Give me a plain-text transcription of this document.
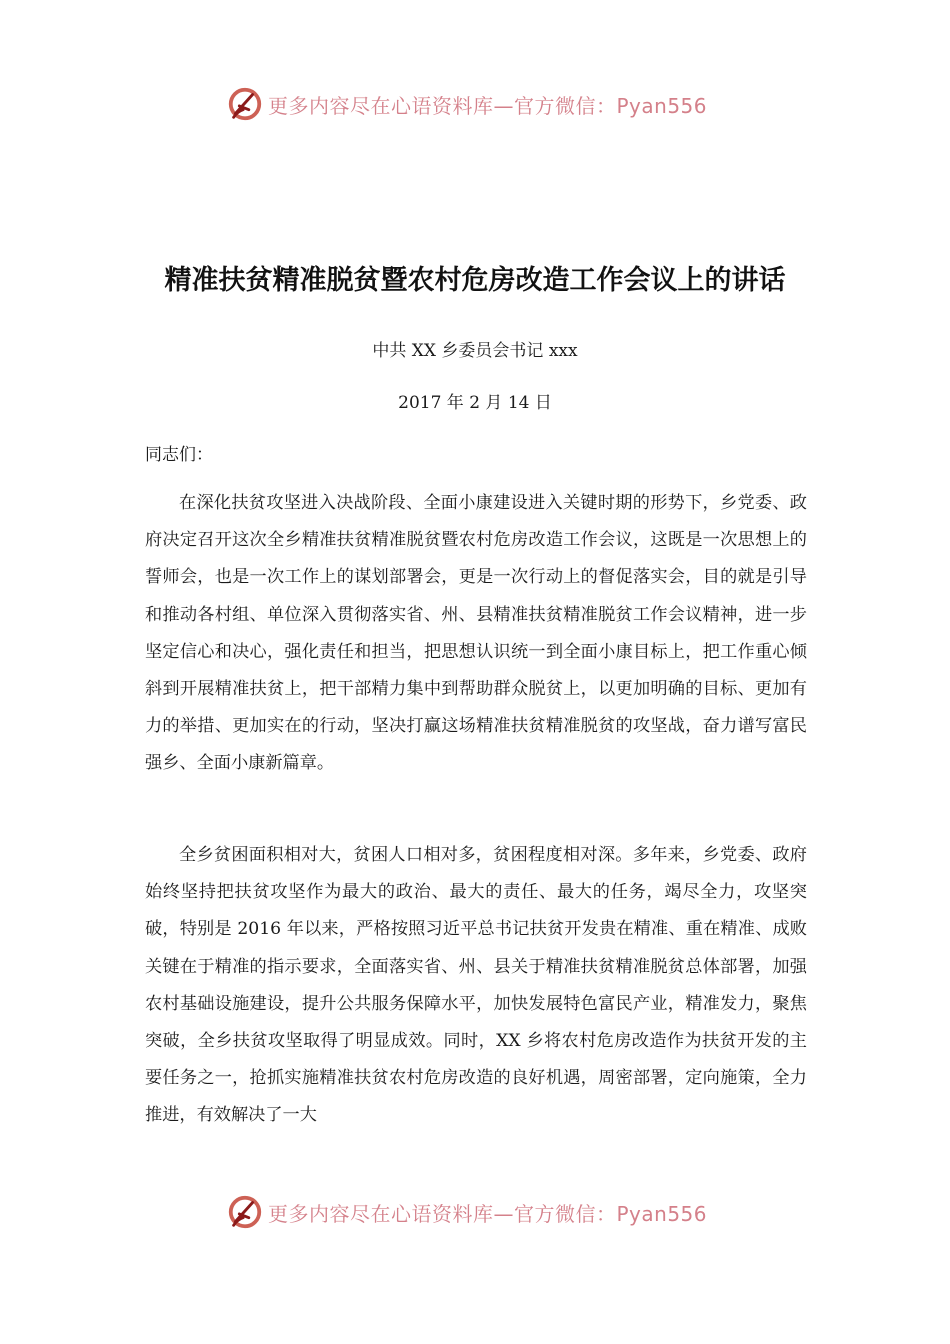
更多内容尽在心语资料库—官方微信：Pyan556
精准扶贫精准脱贫暨农村危房改造工作会议上的讲话
中共 XX 乡委员会书记 xxx
2017 年 2 月 14 日
同志们：

在深化扶贫攻坚进入决战阶段、全面小康建设进入关键时期的形势下，乡党委、政府决定召开这次全乡精准扶贫精准脱贫暨农村危房改造工作会议，这既是一次思想上的誓师会，也是一次工作上的谋划部署会，更是一次行动上的督促落实会，目的就是引导和推动各村组、单位深入贯彻落实省、州、县精准扶贫精准脱贫工作会议精神，进一步坚定信心和决心，强化责任和担当，把思想认识统一到全面小康目标上，把工作重心倾斜到开展精准扶贫上，把干部精力集中到帮助群众脱贫上，以更加明确的目标、更加有力的举措、更加实在的行动，坚决打赢这场精准扶贫精准脱贫的攻坚战，奋力谱写富民强乡、全面小康新篇章。

全乡贫困面积相对大，贫困人口相对多，贫困程度相对深。多年来，乡党委、政府始终坚持把扶贫攻坚作为最大的政治、最大的责任、最大的任务，竭尽全力，攻坚突破，特别是 2016 年以来，严格按照习近平总书记扶贫开发贵在精准、重在精准、成败关键在于精准的指示要求，全面落实省、州、县关于精准扶贫精准脱贫总体部署，加强农村基础设施建设，提升公共服务保障水平，加快发展特色富民产业，精准发力，聚焦突破，全乡扶贫攻坚取得了明显成效。同时，XX 乡将农村危房改造作为扶贫开发的主要任务之一，抢抓实施精准扶贫农村危房改造的良好机遇，周密部署，定向施策，全力推进，有效解决了一大

更多内容尽在心语资料库—官方微信：Pyan556
